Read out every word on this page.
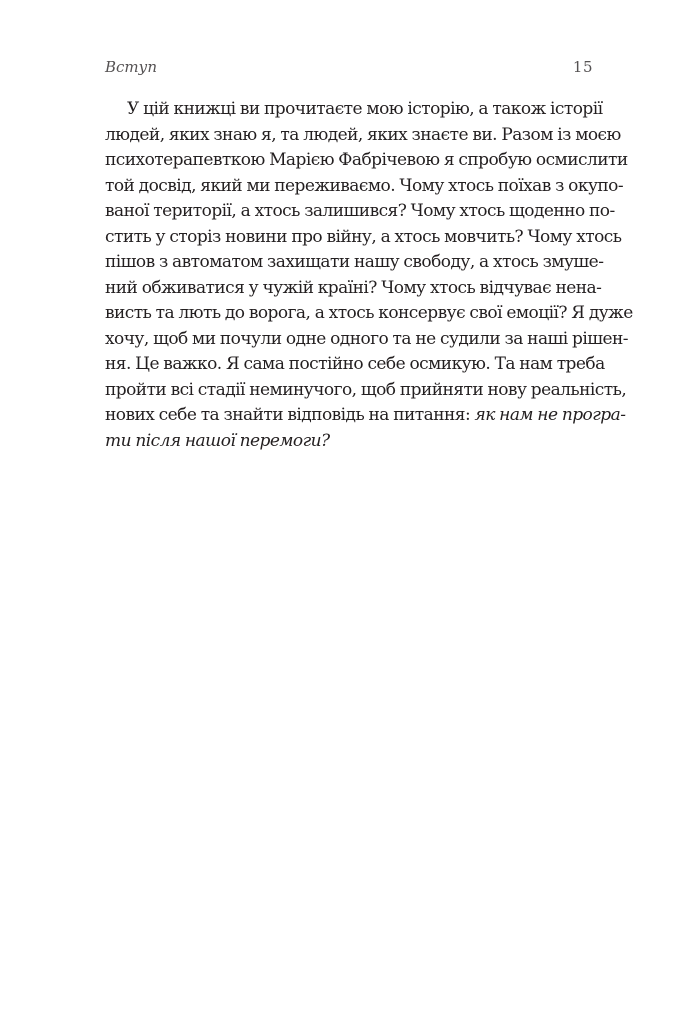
Вступ	15
У цій книжці ви прочитаєте мою історію, а також історії
людей, яких знаю я, та людей, яких знаєте ви. Разом із моєю
психотерапевткою Марією Фабрічевою я спробую осмислити
той досвід, який ми переживаємо. Чому хтось поїхав з окупо-
ваної території, а хтось залишився? Чому хтось щоденно по-
стить у сторіз новини про війну, а хтось мовчить? Чому хтось
пішов з автоматом захищати нашу свободу, а хтось змуше-
ний обживатися у чужій країні? Чому хтось відчуває нена-
висть та лють до ворога, а хтось консервує свої емоції? Я дуже
хочу, щоб ми почули одне одного та не судили за наші рішен-
ня. Це важко. Я сама постійно себе осмикую. Та нам треба
пройти всі стадії неминучого, щоб прийняти нову реальність,
нових себе та знайти відповідь на питання: як нам не програ-
ти після нашої перемоги?
